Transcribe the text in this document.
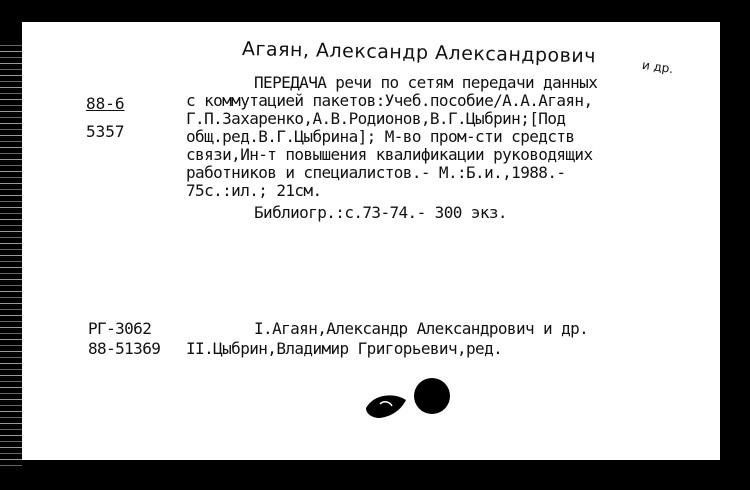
Агаян, Александр Александрович	и др.
88-6
5357
ПЕРЕДАЧА речи по сетям передачи данных
с коммутацией пакетов:Учеб.пособие/А.А.Агаян,
Г.П.Захаренко,А.В.Родионов,В.Г.Цыбрин;[Под
общ.ред.В.Г.Цыбрина]; М-во пром-сти средств
связи,Ин-т повышения квалификации руководящих
работников и специалистов.- М.:Б.и.,1988.-
75с.:ил.; 21см.
Библиогр.:с.73-74.- 300 экз.
РГ-3062
88-51369
I.Агаян,Александр Александрович и др.
II.Цыбрин,Владимир Григорьевич,ред.
